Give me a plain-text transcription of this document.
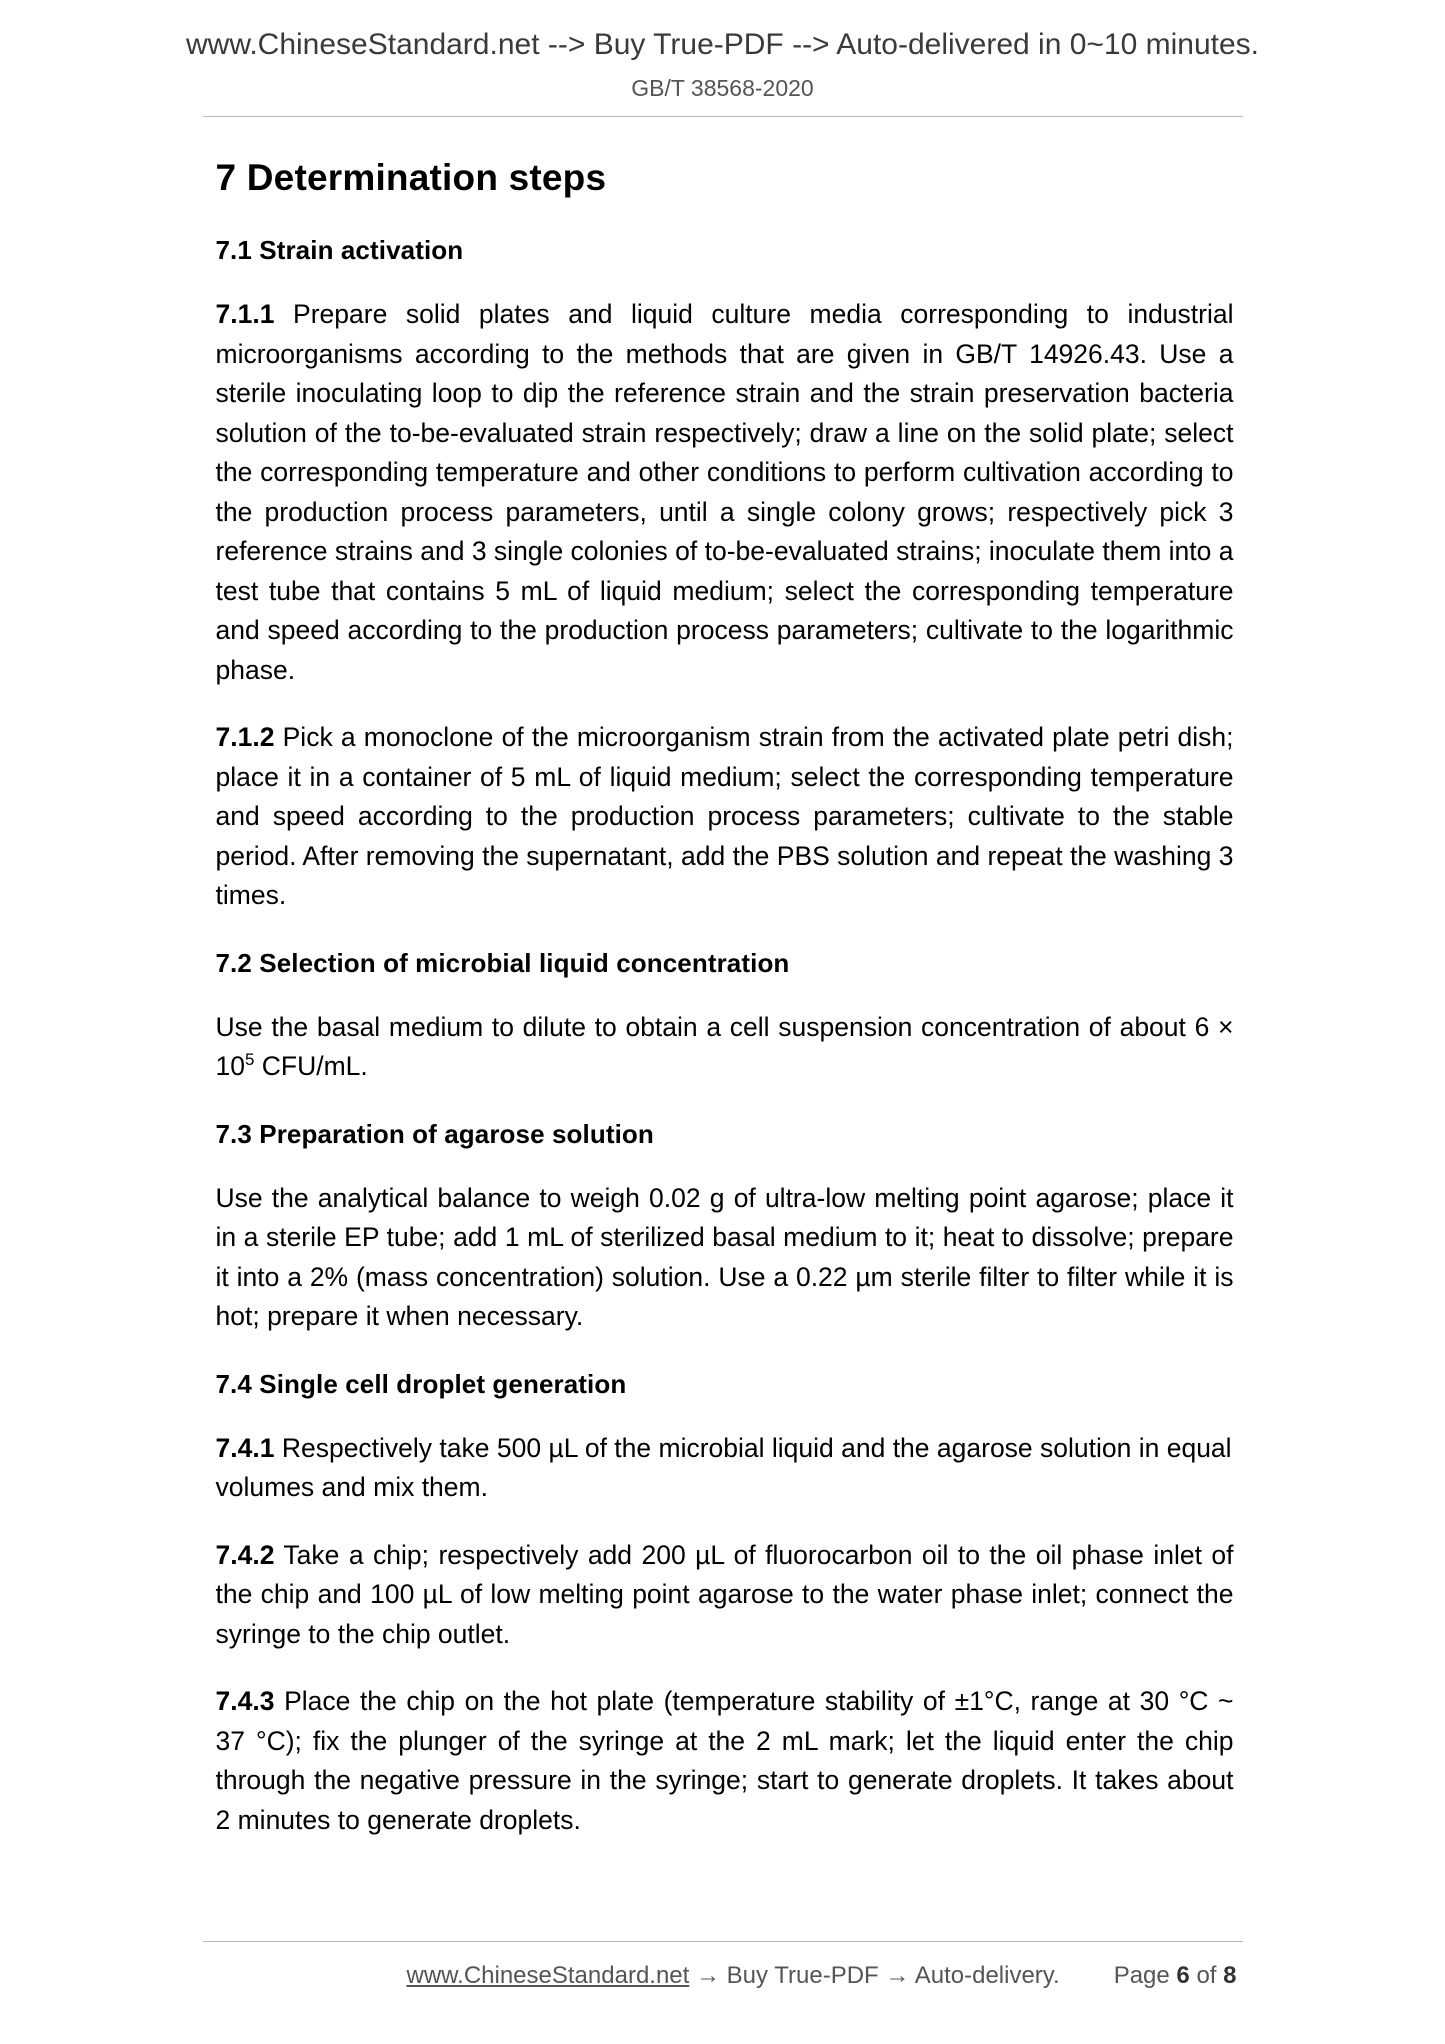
www.ChineseStandard.net --> Buy True-PDF --> Auto-delivered in 0~10 minutes.
GB/T 38568-2020
7 Determination steps
7.1 Strain activation

7.1.1 Prepare solid plates and liquid culture media corresponding to industrial microorganisms according to the methods that are given in GB/T 14926.43. Use a sterile inoculating loop to dip the reference strain and the strain preservation bacteria solution of the to-be-evaluated strain respectively; draw a line on the solid plate; select the corresponding temperature and other conditions to perform cultivation according to the production process parameters, until a single colony grows; respectively pick 3 reference strains and 3 single colonies of to-be-evaluated strains; inoculate them into a test tube that contains 5 mL of liquid medium; select the corresponding temperature and speed according to the production process parameters; cultivate to the logarithmic phase.

7.1.2 Pick a monoclone of the microorganism strain from the activated plate petri dish; place it in a container of 5 mL of liquid medium; select the corresponding temperature and speed according to the production process parameters; cultivate to the stable period. After removing the supernatant, add the PBS solution and repeat the washing 3 times.

7.2 Selection of microbial liquid concentration

Use the basal medium to dilute to obtain a cell suspension concentration of about $6 \times 10^5$ CFU/mL.

7.3 Preparation of agarose solution

Use the analytical balance to weigh 0.02 g of ultra-low melting point agarose; place it in a sterile EP tube; add 1 mL of sterilized basal medium to it; heat to dissolve; prepare it into a 2% (mass concentration) solution. Use a 0.22 µm sterile filter to filter while it is hot; prepare it when necessary.

7.4 Single cell droplet generation

7.4.1 Respectively take 500 µL of the microbial liquid and the agarose solution in equal volumes and mix them.

7.4.2 Take a chip; respectively add 200 µL of fluorocarbon oil to the oil phase inlet of the chip and 100 µL of low melting point agarose to the water phase inlet; connect the syringe to the chip outlet.

7.4.3 Place the chip on the hot plate (temperature stability of ±1°C, range at 30 °C ~ 37 °C); fix the plunger of the syringe at the 2 mL mark; let the liquid enter the chip through the negative pressure in the syringe; start to generate droplets. It takes about 2 minutes to generate droplets.

www.ChineseStandard.net → Buy True-PDF → Auto-delivery.	Page 6 of 8
